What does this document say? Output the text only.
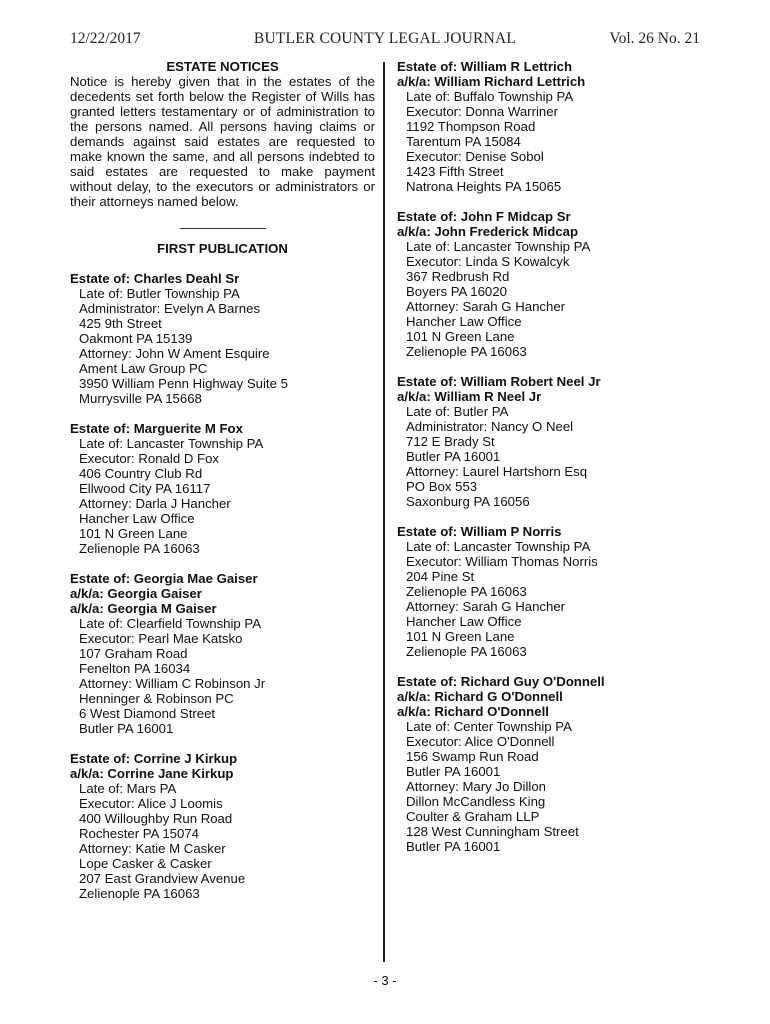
12/22/2017	BUTLER COUNTY LEGAL JOURNAL	Vol. 26 No. 21
ESTATE NOTICES
Notice is hereby given that in the estates of the decedents set forth below the Register of Wills has granted letters testamentary or of administration to the persons named. All persons having claims or demands against said estates are requested to make known the same, and all persons indebted to said estates are requested to make payment without delay, to the executors or administrators or their attorneys named below.
———————
FIRST PUBLICATION
Estate of: Charles Deahl Sr
Late of: Butler Township PA
Administrator: Evelyn A Barnes
425 9th Street
Oakmont PA 15139
Attorney: John W Ament Esquire
Ament Law Group PC
3950 William Penn Highway Suite 5
Murrysville PA 15668
Estate of: Marguerite M Fox
Late of: Lancaster Township PA
Executor: Ronald D Fox
406 Country Club Rd
Ellwood City PA 16117
Attorney: Darla J Hancher
Hancher Law Office
101 N Green Lane
Zelienople PA 16063
Estate of: Georgia Mae Gaiser
a/k/a: Georgia Gaiser
a/k/a: Georgia M Gaiser
Late of: Clearfield Township PA
Executor: Pearl Mae Katsko
107 Graham Road
Fenelton PA 16034
Attorney: William C Robinson Jr
Henninger & Robinson PC
6 West Diamond Street
Butler PA 16001
Estate of: Corrine J Kirkup
a/k/a: Corrine Jane Kirkup
Late of: Mars PA
Executor: Alice J Loomis
400 Willoughby Run Road
Rochester PA 15074
Attorney: Katie M Casker
Lope Casker & Casker
207 East Grandview Avenue
Zelienople PA 16063
Estate of: William R Lettrich
a/k/a: William Richard Lettrich
Late of: Buffalo Township PA
Executor: Donna Warriner
1192 Thompson Road
Tarentum PA 15084
Executor: Denise Sobol
1423 Fifth Street
Natrona Heights PA 15065
Estate of: John F Midcap Sr
a/k/a: John Frederick Midcap
Late of: Lancaster Township PA
Executor: Linda S Kowalcyk
367 Redbrush Rd
Boyers PA 16020
Attorney: Sarah G Hancher
Hancher Law Office
101 N Green Lane
Zelienople PA 16063
Estate of: William Robert Neel Jr
a/k/a: William R Neel Jr
Late of: Butler PA
Administrator: Nancy O Neel
712 E Brady St
Butler PA 16001
Attorney: Laurel Hartshorn Esq
PO Box 553
Saxonburg PA 16056
Estate of: William P Norris
Late of: Lancaster Township PA
Executor: William Thomas Norris
204 Pine St
Zelienople PA 16063
Attorney: Sarah G Hancher
Hancher Law Office
101 N Green Lane
Zelienople PA 16063
Estate of: Richard Guy O'Donnell
a/k/a: Richard G O'Donnell
a/k/a: Richard O'Donnell
Late of: Center Township PA
Executor: Alice O'Donnell
156 Swamp Run Road
Butler PA 16001
Attorney: Mary Jo Dillon
Dillon McCandless King
Coulter & Graham LLP
128 West Cunningham Street
Butler PA 16001
- 3 -
